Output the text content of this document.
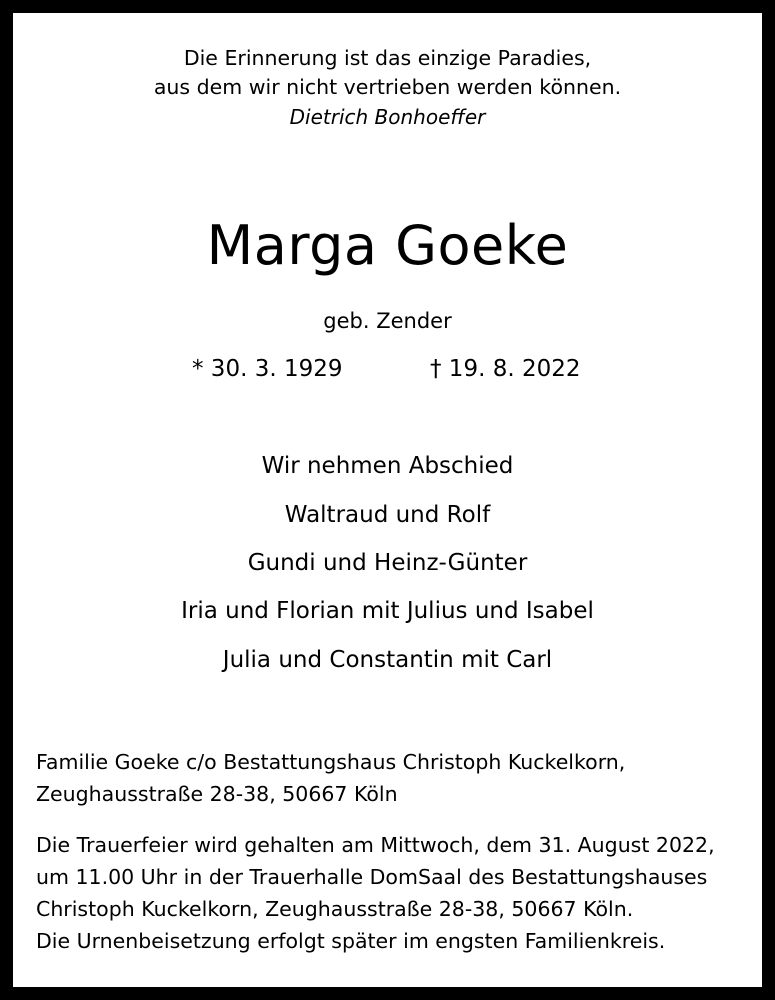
Die Erinnerung ist das einzige Paradies,
aus dem wir nicht vertrieben werden können.
Dietrich Bonhoeffer
Marga Goeke
geb. Zender
* 30. 3. 1929	† 19. 8. 2022
Wir nehmen Abschied
Waltraud und Rolf
Gundi und Heinz-Günter
Iria und Florian mit Julius und Isabel
Julia und Constantin mit Carl
Familie Goeke c/o Bestattungshaus Christoph Kuckelkorn,
Zeughausstraße 28-38, 50667 Köln
Die Trauerfeier wird gehalten am Mittwoch, dem 31. August 2022,
um 11.00 Uhr in der Trauerhalle DomSaal des Bestattungshauses
Christoph Kuckelkorn, Zeughausstraße 28-38, 50667 Köln.
Die Urnenbeisetzung erfolgt später im engsten Familienkreis.
